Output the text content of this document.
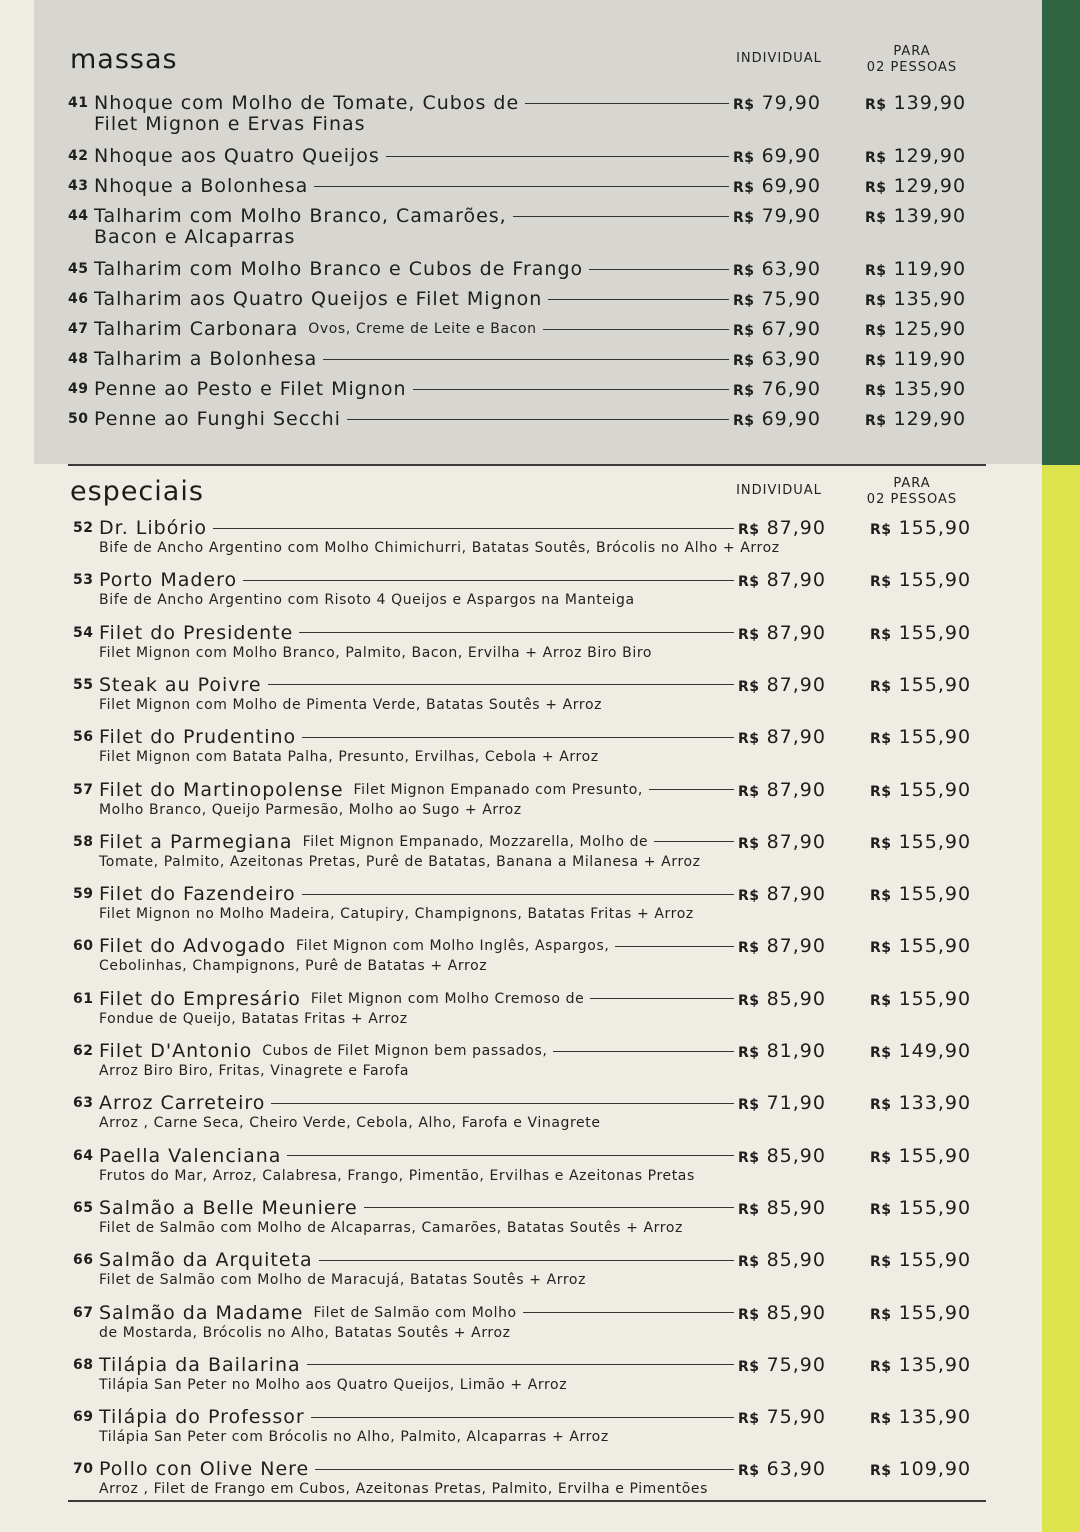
massas	INDIVIDUAL	PARA
02 PESSOAS
41 Nhoque com Molho de Tomate, Cubos de	R$ 79,90	R$ 139,90
Filet Mignon e Ervas Finas
42 Nhoque aos Quatro Queijos	R$ 69,90	R$ 129,90
43 Nhoque a Bolonhesa	R$ 69,90	R$ 129,90
44 Talharim com Molho Branco, Camarões,	R$ 79,90	R$ 139,90
Bacon e Alcaparras
45 Talharim com Molho Branco e Cubos de Frango	R$ 63,90	R$ 119,90
46 Talharim aos Quatro Queijos e Filet Mignon	R$ 75,90	R$ 135,90
47 Talharim Carbonara Ovos, Creme de Leite e Bacon	R$ 67,90	R$ 125,90
48 Talharim a Bolonhesa	R$ 63,90	R$ 119,90
49 Penne ao Pesto e Filet Mignon	R$ 76,90	R$ 135,90
50 Penne ao Funghi Secchi	R$ 69,90	R$ 129,90
especiais	INDIVIDUAL	PARA
02 PESSOAS
52 Dr. Libório	R$ 87,90	R$ 155,90
Bife de Ancho Argentino com Molho Chimichurri, Batatas Soutês, Brócolis no Alho + Arroz
53 Porto Madero	R$ 87,90	R$ 155,90
Bife de Ancho Argentino com Risoto 4 Queijos e Aspargos na Manteiga
54 Filet do Presidente	R$ 87,90	R$ 155,90
Filet Mignon com Molho Branco, Palmito, Bacon, Ervilha + Arroz Biro Biro
55 Steak au Poivre	R$ 87,90	R$ 155,90
Filet Mignon com Molho de Pimenta Verde, Batatas Soutês + Arroz
56 Filet do Prudentino	R$ 87,90	R$ 155,90
Filet Mignon com Batata Palha, Presunto, Ervilhas, Cebola + Arroz
57 Filet do Martinopolense Filet Mignon Empanado com Presunto,	R$ 87,90	R$ 155,90
Molho Branco, Queijo Parmesão, Molho ao Sugo + Arroz
58 Filet a Parmegiana Filet Mignon Empanado, Mozzarella, Molho de	R$ 87,90	R$ 155,90
Tomate, Palmito, Azeitonas Pretas, Purê de Batatas, Banana a Milanesa + Arroz
59 Filet do Fazendeiro	R$ 87,90	R$ 155,90
Filet Mignon no Molho Madeira, Catupiry, Champignons, Batatas Fritas + Arroz
60 Filet do Advogado Filet Mignon com Molho Inglês, Aspargos,	R$ 87,90	R$ 155,90
Cebolinhas, Champignons, Purê de Batatas + Arroz
61 Filet do Empresário Filet Mignon com Molho Cremoso de	R$ 85,90	R$ 155,90
Fondue de Queijo, Batatas Fritas + Arroz
62 Filet D'Antonio Cubos de Filet Mignon bem passados,	R$ 81,90	R$ 149,90
Arroz Biro Biro, Fritas, Vinagrete e Farofa
63 Arroz Carreteiro	R$ 71,90	R$ 133,90
Arroz , Carne Seca, Cheiro Verde, Cebola, Alho, Farofa e Vinagrete
64 Paella Valenciana	R$ 85,90	R$ 155,90
Frutos do Mar, Arroz, Calabresa, Frango, Pimentão, Ervilhas e Azeitonas Pretas
65 Salmão a Belle Meuniere	R$ 85,90	R$ 155,90
Filet de Salmão com Molho de Alcaparras, Camarões, Batatas Soutês + Arroz
66 Salmão da Arquiteta	R$ 85,90	R$ 155,90
Filet de Salmão com Molho de Maracujá, Batatas Soutês + Arroz
67 Salmão da Madame Filet de Salmão com Molho	R$ 85,90	R$ 155,90
de Mostarda, Brócolis no Alho, Batatas Soutês + Arroz
68 Tilápia da Bailarina	R$ 75,90	R$ 135,90
Tilápia San Peter no Molho aos Quatro Queijos, Limão + Arroz
69 Tilápia do Professor	R$ 75,90	R$ 135,90
Tilápia San Peter com Brócolis no Alho, Palmito, Alcaparras + Arroz
70 Pollo con Olive Nere	R$ 63,90	R$ 109,90
Arroz , Filet de Frango em Cubos, Azeitonas Pretas, Palmito, Ervilha e Pimentões
